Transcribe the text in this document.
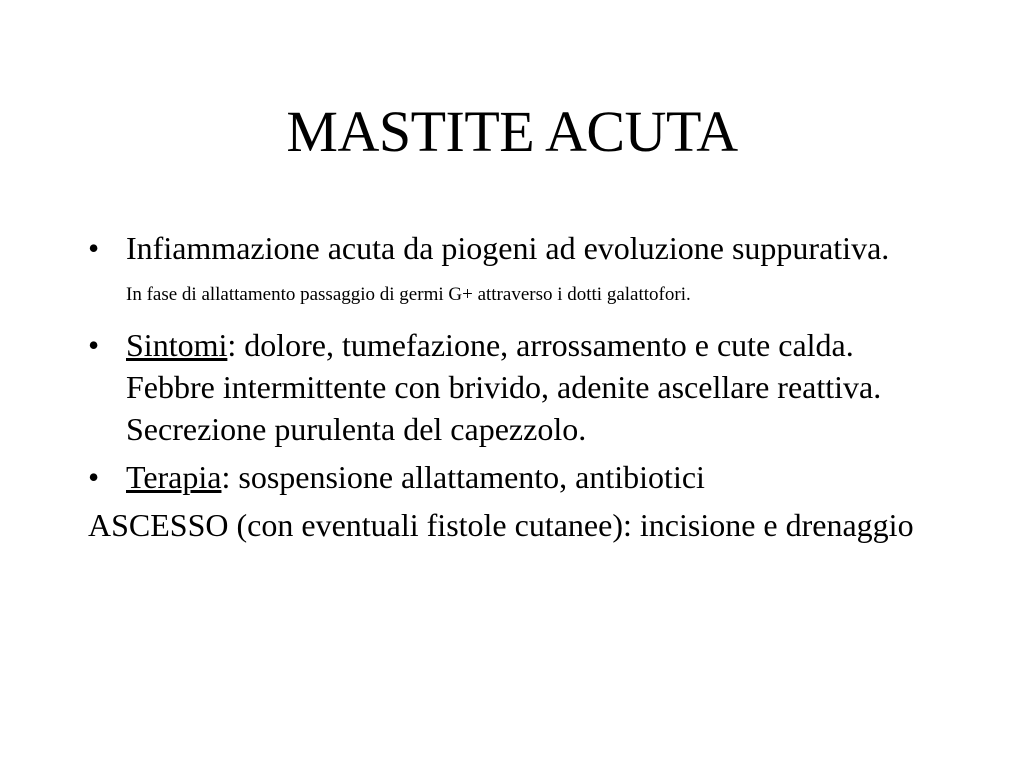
MASTITE ACUTA
• Infiammazione acuta da piogeni ad evoluzione suppurativa.
In fase di allattamento passaggio di germi G+ attraverso i dotti galattofori.
• Sintomi: dolore, tumefazione, arrossamento e cute calda. Febbre intermittente con brivido, adenite ascellare reattiva. Secrezione purulenta del capezzolo.
• Terapia: sospensione allattamento, antibiotici
ASCESSO (con eventuali fistole cutanee): incisione e drenaggio
